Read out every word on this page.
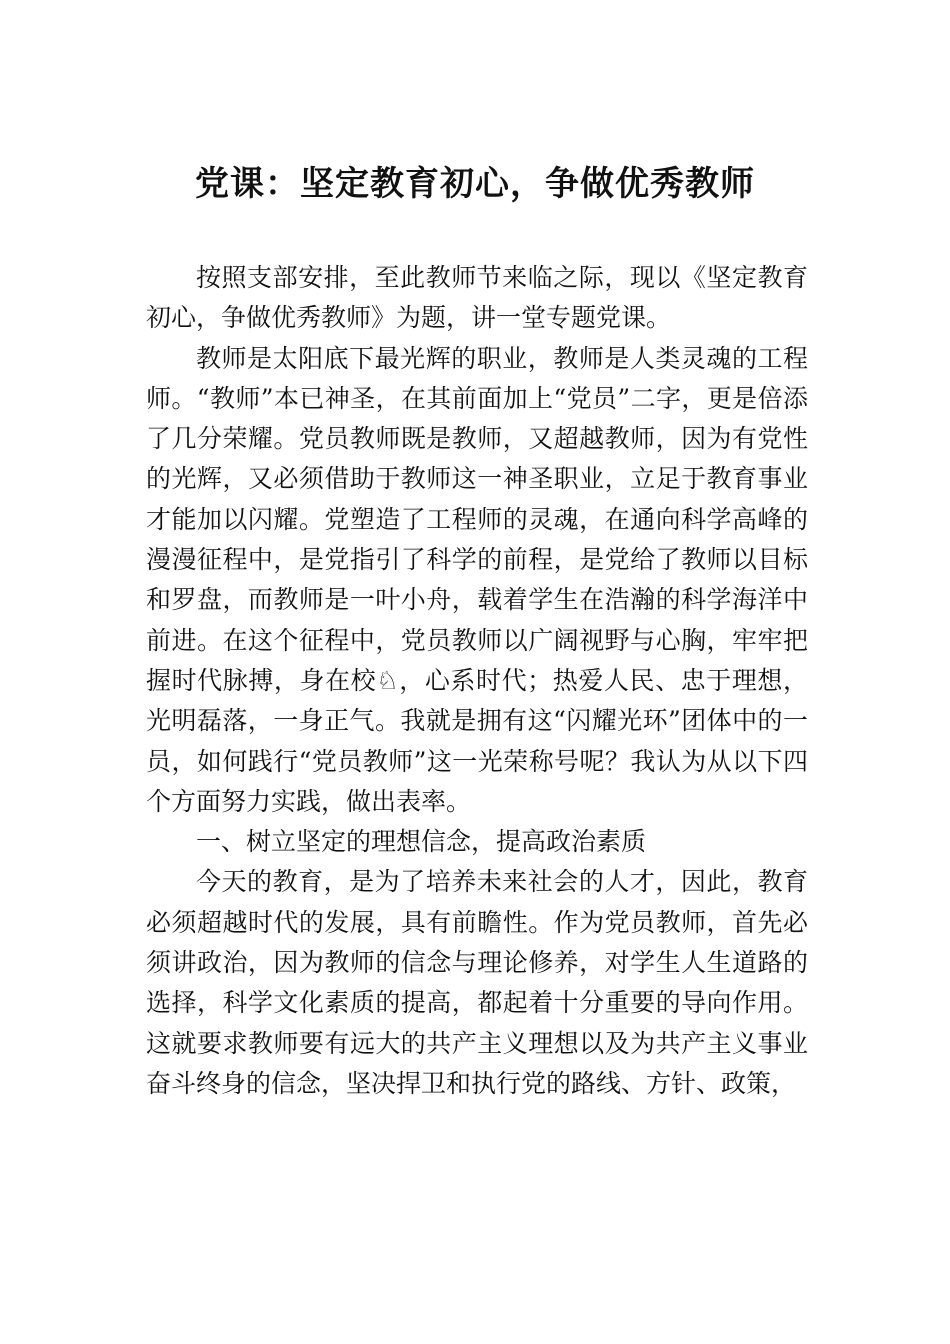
党课：坚定教育初心，争做优秀教师

按照支部安排，至此教师节来临之际，现以《坚定教育初心，争做优秀教师》为题，讲一堂专题党课。

教师是太阳底下最光辉的职业，教师是人类灵魂的工程师。“教师”本已神圣，在其前面加上“党员”二字，更是倍添了几分荣耀。党员教师既是教师，又超越教师，因为有党性的光辉，又必须借助于教师这一神圣职业，立足于教育事业才能加以闪耀。党塑造了工程师的灵魂，在通向科学高峰的漫漫征程中，是党指引了科学的前程，是党给了教师以目标和罗盘，而教师是一叶小舟，载着学生在浩瀚的科学海洋中前进。在这个征程中，党员教师以广阔视野与心胸，牢牢把握时代脉搏，身在校♘，心系时代；热爱人民、忠于理想，光明磊落，一身正气。我就是拥有这“闪耀光环”团体中的一员，如何践行“党员教师”这一光荣称号呢？我认为从以下四个方面努力实践，做出表率。

一、树立坚定的理想信念，提高政治素质

今天的教育，是为了培养未来社会的人才，因此，教育必须超越时代的发展，具有前瞻性。作为党员教师，首先必须讲政治，因为教师的信念与理论修养，对学生人生道路的选择，科学文化素质的提高，都起着十分重要的导向作用。 这就要求教师要有远大的共产主义理想以及为共产主义事业奋斗终身的信念，坚决捍卫和执行党的路线、方针、政策，
